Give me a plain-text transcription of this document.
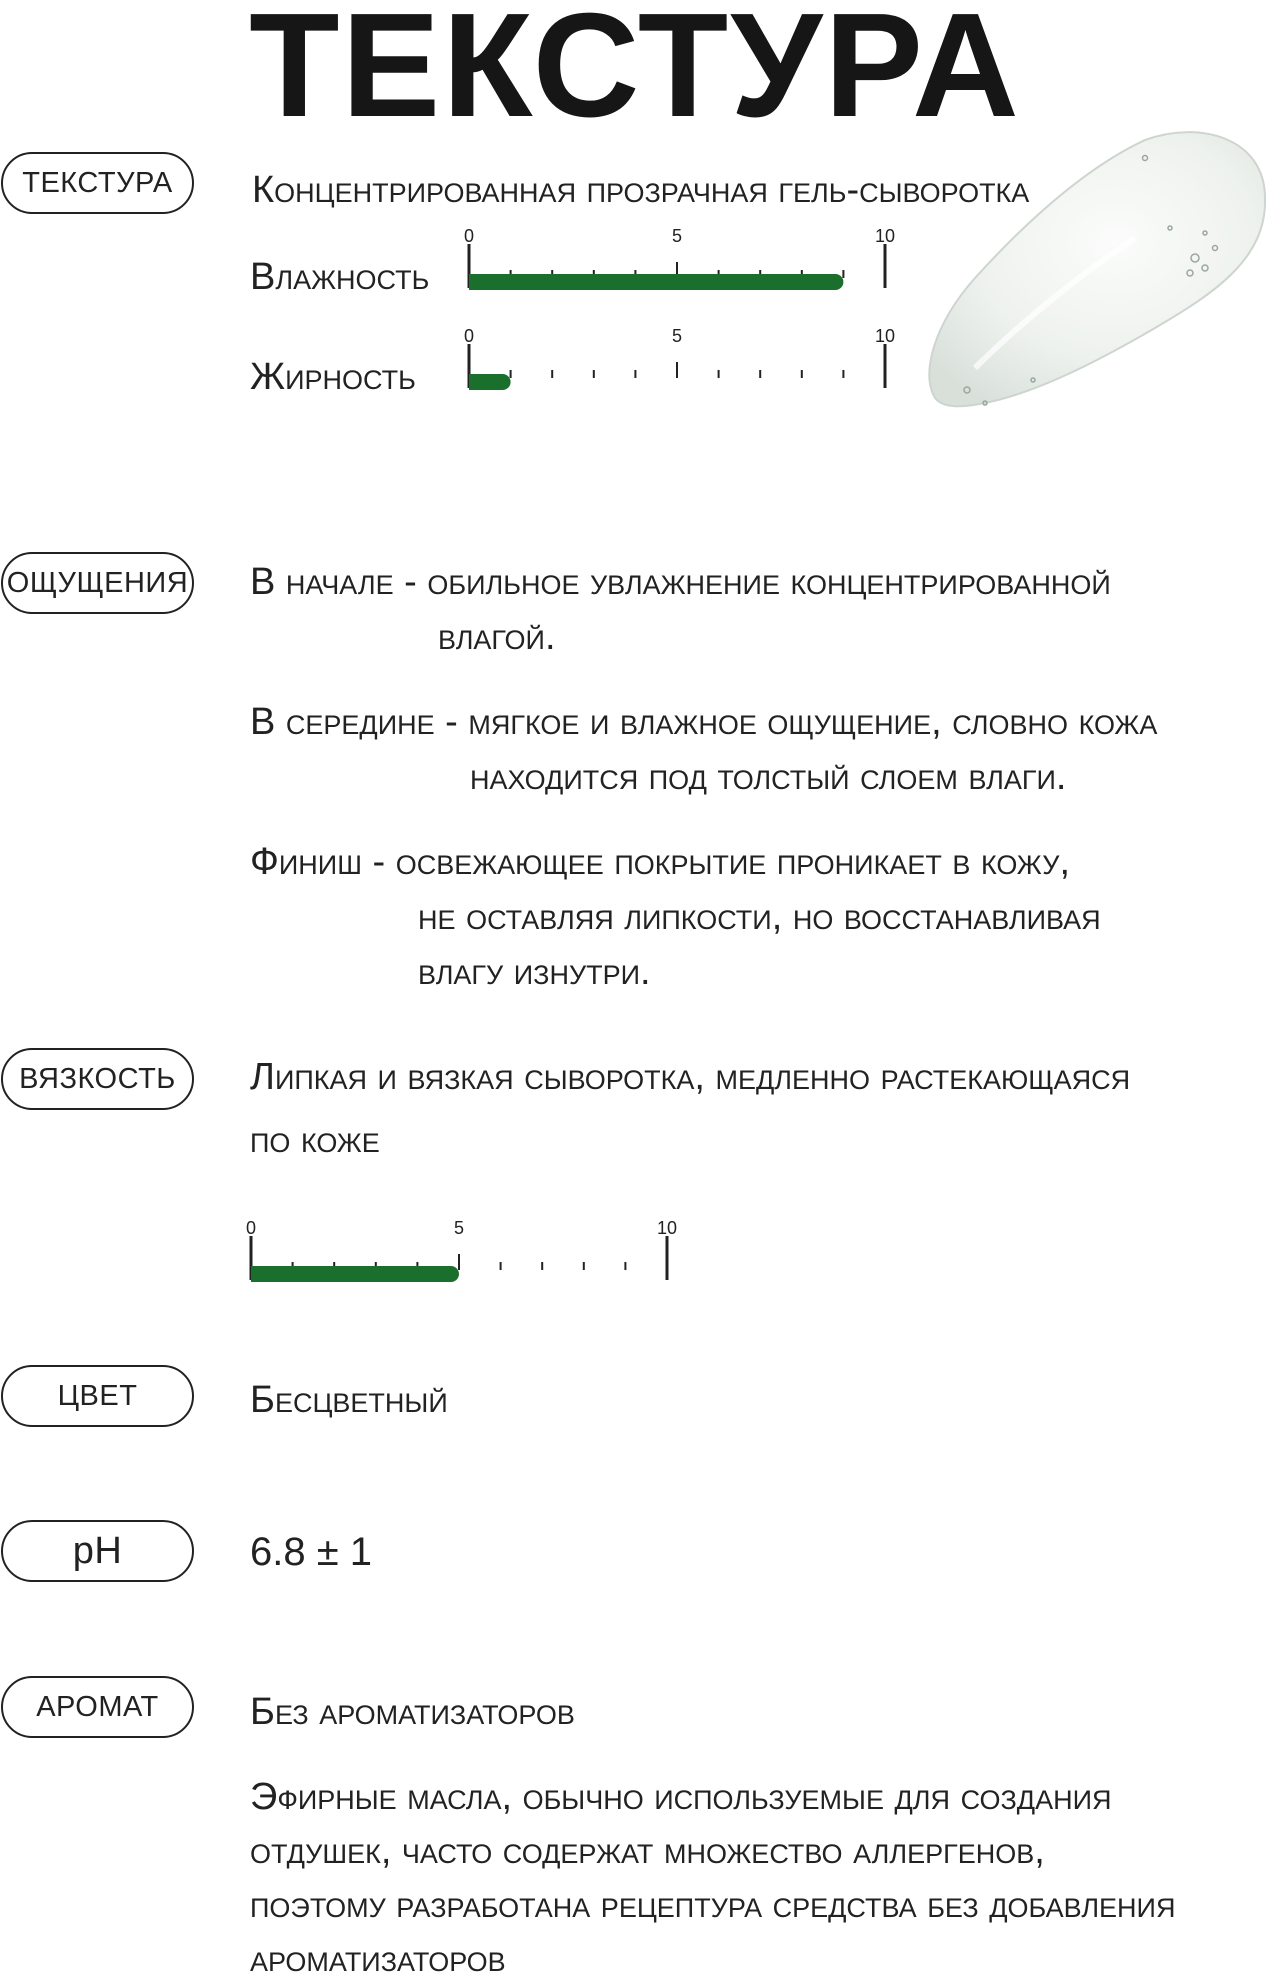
ТЕКСТУРА
ТЕКСТУРА	Концентрированная прозрачная гель-сыворотка
Влажность
0	5	10
Жирность
0	5	10
ОЩУЩЕНИЯ В начале - обильное увлажнение концентрированной
влагой.
В середине - мягкое и влажное ощущение, словно кожа
находится под толстый слоем влаги.
Финиш - освежающее покрытие проникает в кожу,
не оставляя липкости, но восстанавливая
влагу изнутри.
ВЯЗКОСТЬ	Липкая и вязкая сыворотка, медленно растекающаяся
по коже
0	5	10
ЦВЕТ	Бесцветный
pH	6.8 ± 1
АРОМАТ	Без ароматизаторов
Эфирные масла, обычно используемые для создания
отдушек, часто содержат множество аллергенов,
поэтому разработана рецептура средства без добавления
ароматизаторов
